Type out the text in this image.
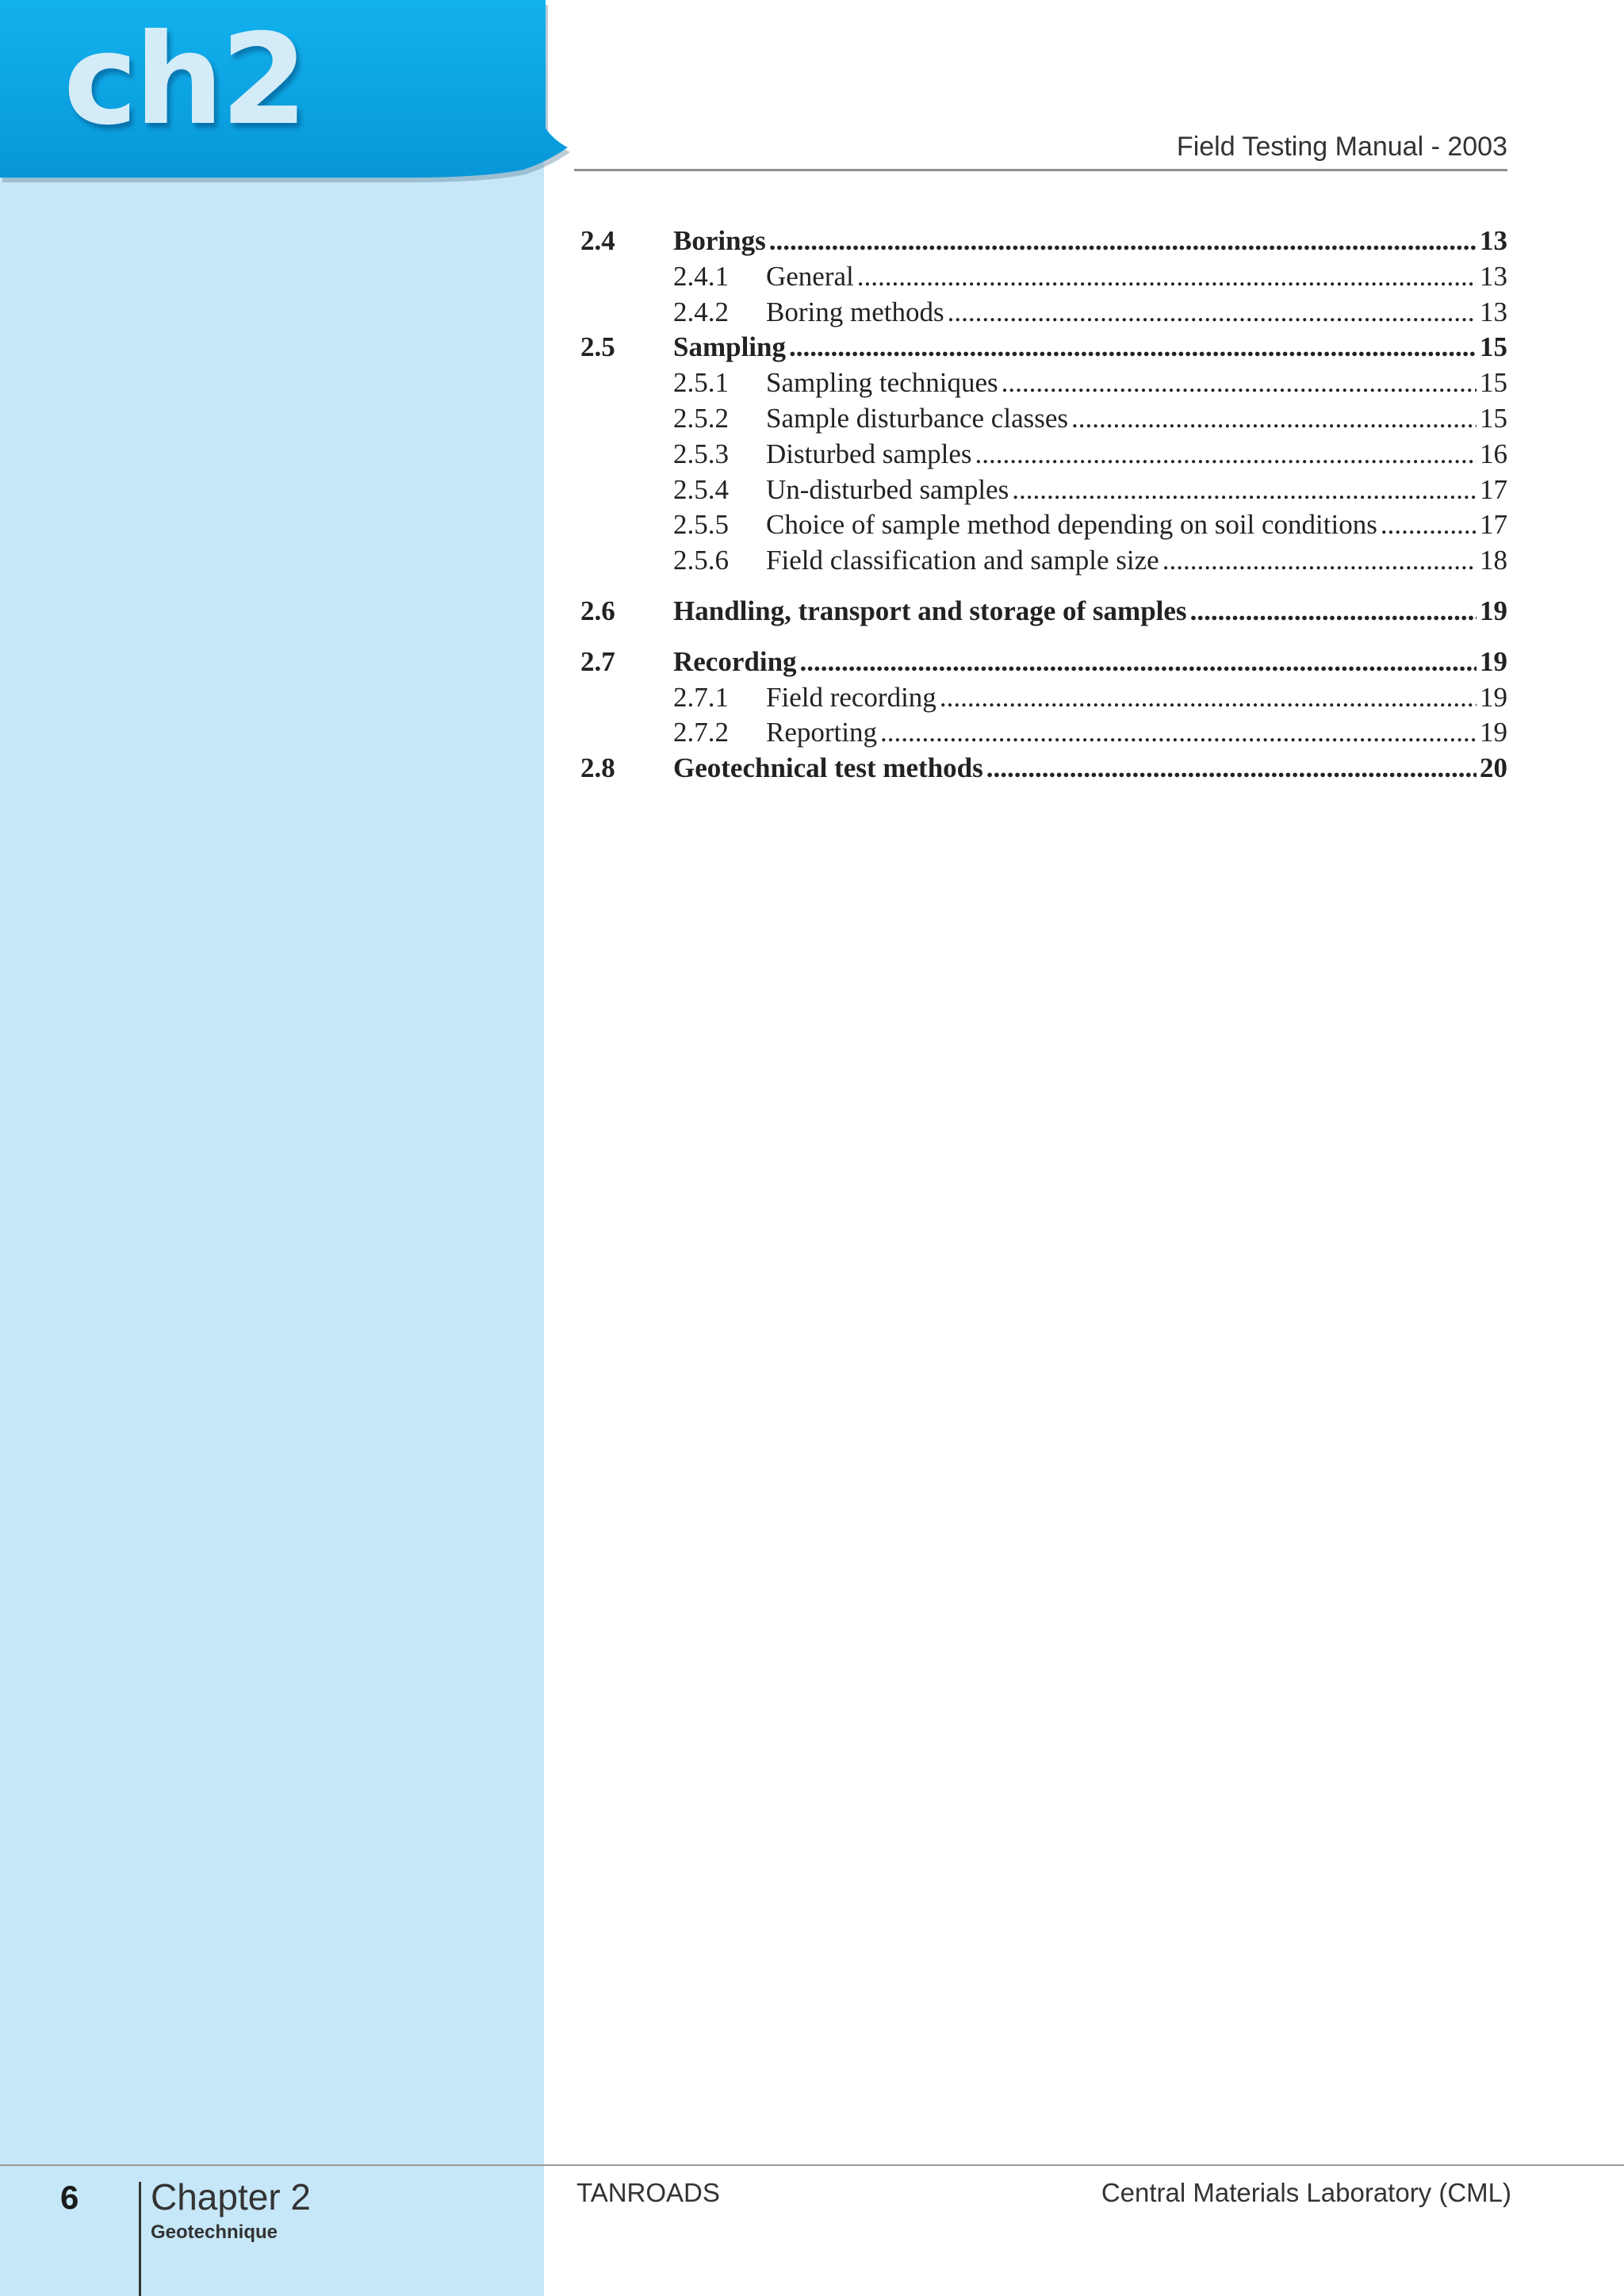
ch2	Field Testing Manual - 2003
2.4	Borings .....	13
2.4.1	General .....	13
2.4.2	Boring methods .....	13
2.5	Sampling .....	15
2.5.1	Sampling techniques .....	15
2.5.2	Sample disturbance classes .....	15
2.5.3	Disturbed samples .....	16
2.5.4	Un-disturbed samples .....	17
2.5.5	Choice of sample method depending on soil conditions .....	17
2.5.6	Field classification and sample size .....	18
2.6	Handling, transport and storage of samples .....	19
2.7	Recording .....	19
2.7.1	Field recording .....	19
2.7.2	Reporting .....	19
2.8	Geotechnical test methods .....	20
6 Chapter 2
Geotechnique
TANROADS	Central Materials Laboratory (CML)
